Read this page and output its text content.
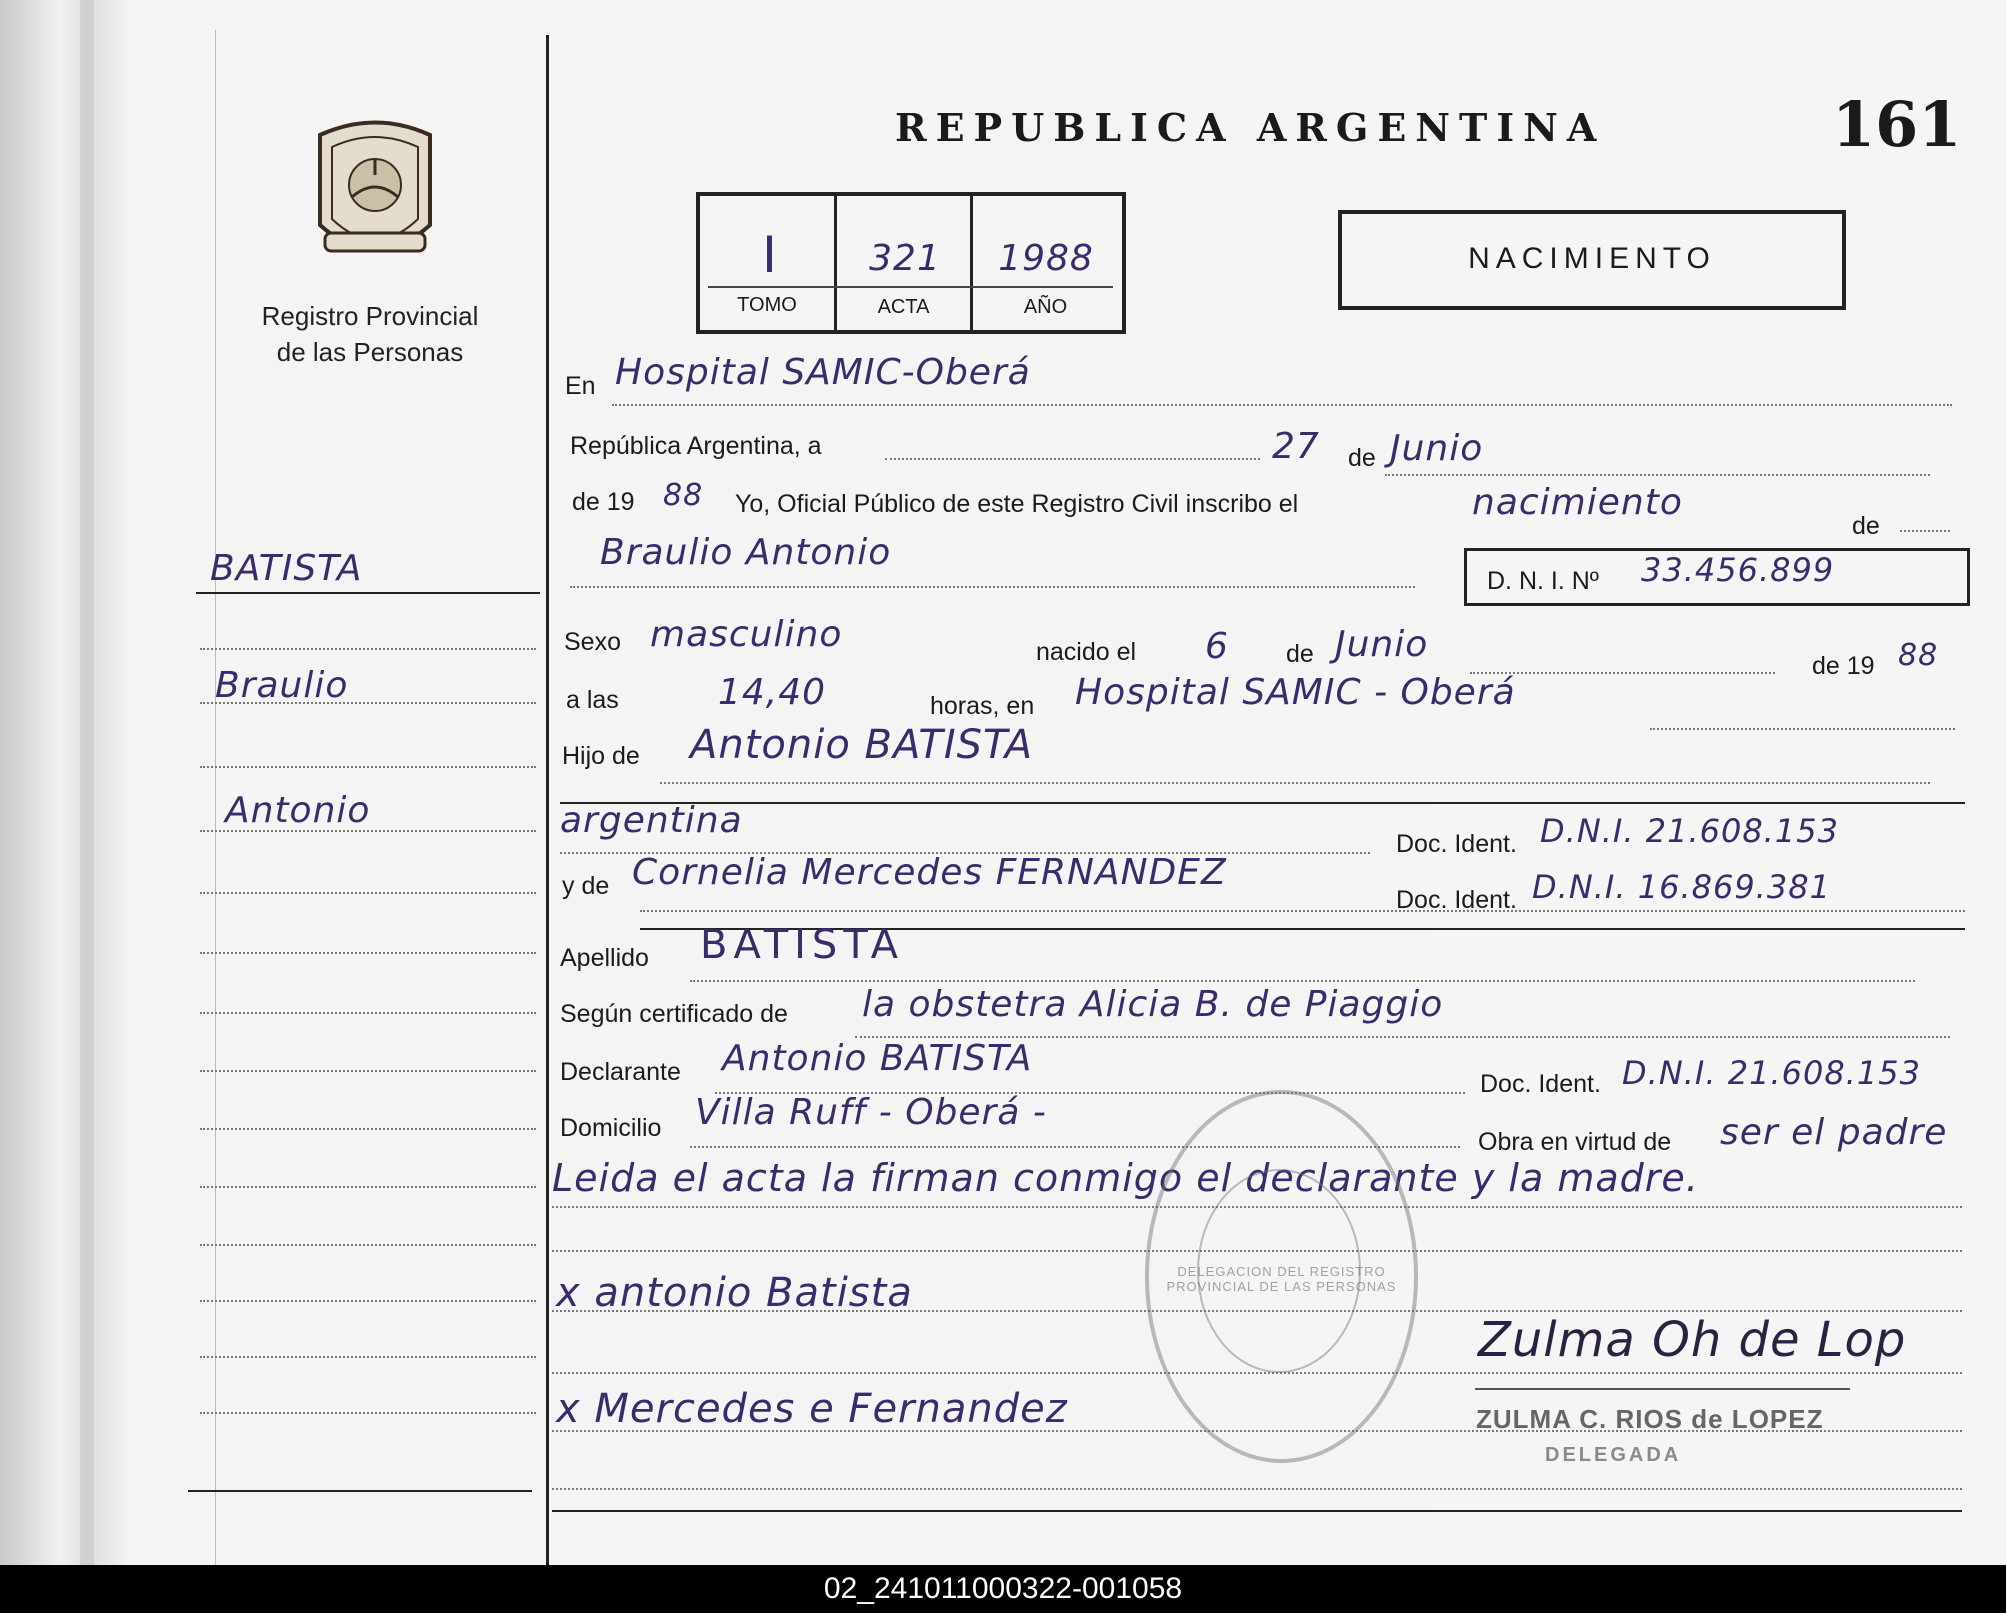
Registro Provincial
de las Personas
REPUBLICA ARGENTINA	161
I	321	1988
TOMO	ACTA	AÑO
NACIMIENTO
BATISTA
Braulio
Antonio
En Hospital SAMIC-Oberá
República Argentina, a	27 de Junio
de 19 88 Yo, Oficial Público de este Registro Civil inscribo el	nacimiento
de
Braulio Antonio
D. N. I. Nº 33.456.899
Sexo masculino	nacido el 6 de Junio
de 19 88
a las	14,40	horas, en Hospital SAMIC - Oberá
Hijo de Antonio BATISTA
argentina
Doc. Ident. D.N.I. 21.608.153
y de Cornelia Mercedes FERNANDEZ
Doc. Ident. D.N.I. 16.869.381
Apellido BATISTA
Según certificado de la obstetra Alicia B. de Piaggio
Declarante Antonio BATISTA
Doc. Ident. D.N.I. 21.608.153
Domicilio Villa Ruff - Oberá -
Obra en virtud de ser el padre
Leida el acta la firman conmigo el declarante y la madre.
x antonio Batista
x Mercedes e Fernandez
DELEGACION DEL REGISTRO PROVINCIAL DE LAS PERSONAS
Zulma Oh de Lop
ZULMA C. RIOS de LOPEZ
DELEGADA
02_241011000322-001058
